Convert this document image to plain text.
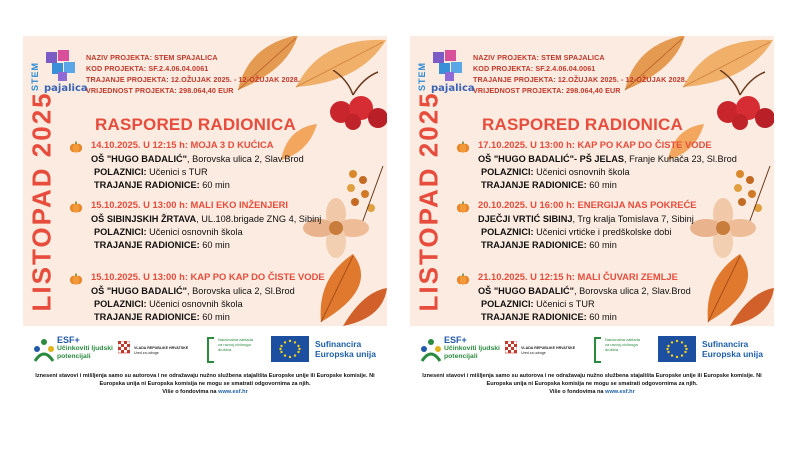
STEM pajalica
NAZIV PROJEKTA: STEM SPAJALICA
KOD PROJEKTA: SF.2.4.06.04.0061
TRAJANJE PROJEKTA: 12.OŽUJAK 2025. - 12-OŽUJAK 2028.
VRIJEDNOST PROJEKTA: 298.064,40 EUR
LISTOPAD 2025 RASPORED RADIONICA
14.10.2025. U 12:15 h: MOJA 3 D KUĆICA
OŠ "HUGO BADALIĆ", Borovska ulica 2, Slav.Brod
POLAZNICI: Učenici s TUR
TRAJANJE RADIONICE: 60 min
15.10.2025. U 13:00 h: MALI EKO INŽENJERI
OŠ SIBINJSKIH ŽRTAVA, UL.108.brigade ZNG 4, Sibinj
POLAZNICI: Učenici osnovnih škola
TRAJANJE RADIONICE: 60 min
15.10.2025. U 13:00 h: KAP PO KAP DO ČISTE VODE
OŠ "HUGO BADALIĆ", Borovska ulica 2, Sl.Brod
POLAZNICI: Učenici osnovnih škola
TRAJANJE RADIONICE: 60 min
ESF+
Učinkoviti ljudski potencijali
VLADA REPUBLIKE HRVATSKE
Ured za udruge
Nacionalna zaklada za razvoj civilnoga društva
Sufinancira Europska unija
Izneseni stavovi i mišljenja samo su autorova i ne odražavaju nužno službena stajališta Europske unije ili Europske komisije. Ni Europska unija ni Europska komisija ne mogu se smatrati odgovornima za njih.
Više o fondovima na www.esf.hr
STEM pajalica
NAZIV PROJEKTA: STEM SPAJALICA
KOD PROJEKTA: SF.2.4.06.04.0061
TRAJANJE PROJEKTA: 12.OŽUJAK 2025. - 12-OŽUJAK 2028.
VRIJEDNOST PROJEKTA: 298.064,40 EUR
LISTOPAD 2025 RASPORED RADIONICA
17.10.2025. U 13:00 h: KAP PO KAP DO ČISTE VODE
OŠ "HUGO BADALIĆ"- PŠ JELAS, Franje Kuhača 23, Sl.Brod
POLAZNICI: Učenici osnovnih škola
TRAJANJE RADIONICE: 60 min
20.10.2025. U 16:00 h: ENERGIJA NAS POKREĆE
DJEČJI VRTIĆ SIBINJ, Trg kralja Tomislava 7, Sibinj
POLAZNICI: Učenici vrtićke i predškolske dobi
TRAJANJE RADIONICE: 60 min
21.10.2025. U 12:15 h: MALI ČUVARI ZEMLJE
OŠ "HUGO BADALIĆ", Borovska ulica 2, Slav.Brod
POLAZNICI: Učenici s TUR
TRAJANJE RADIONICE: 60 min
ESF+
Učinkoviti ljudski potencijali
VLADA REPUBLIKE HRVATSKE
Ured za udruge
Nacionalna zaklada za razvoj civilnoga društva
Sufinancira Europska unija
Izneseni stavovi i mišljenja samo su autorova i ne odražavaju nužno službena stajališta Europske unije ili Europske komisije. Ni Europska unija ni Europska komisija ne mogu se smatrati odgovornima za njih.
Više o fondovima na www.esf.hr
